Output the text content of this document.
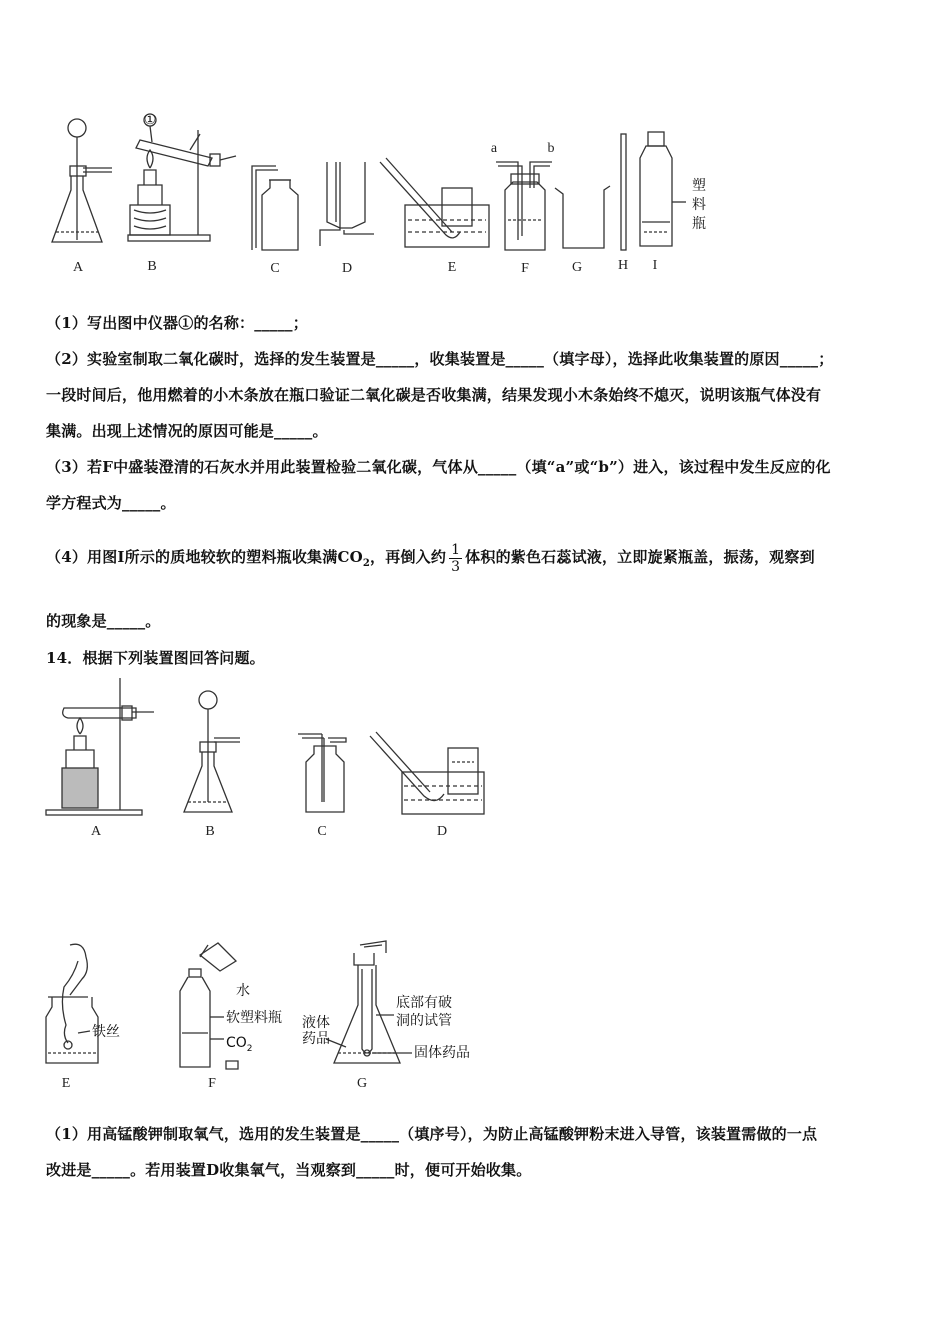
A	B	C	D	E	F	G	H I
①
a	b
塑
料
瓶
（1）写出图中仪器①的名称：_____；
（2）实验室制取二氧化碳时，选择的发生装置是_____，收集装置是_____（填字母），选择此收集装置的原因_____；
一段时间后，他用燃着的小木条放在瓶口验证二氧化碳是否收集满，结果发现小木条始终不熄灭，说明该瓶气体没有
集满。出现上述情况的原因可能是_____。
（3）若F中盛装澄清的石灰水并用此装置检验二氧化碳，气体从_____（填“a”或“b”）进入，该过程中发生反应的化
学方程式为_____。
（4）用图I所示的质地较软的塑料瓶收集满$CO_2$，再倒入约 $\frac{1}{3}$ 体积的紫色石蕊试液，立即旋紧瓶盖，振荡，观察到
的现象是_____。
14．根据下列装置图回答问题。
A	B	C	D
E	F	G
铁丝
水
软塑料瓶
$CO_2$
液体
药品
底部有破
洞的试管
固体药品
（1）用高锰酸钾制取氧气，选用的发生装置是_____（填序号），为防止高锰酸钾粉末进入导管，该装置需做的一点
改进是_____。若用装置D收集氧气，当观察到_____时，便可开始收集。
